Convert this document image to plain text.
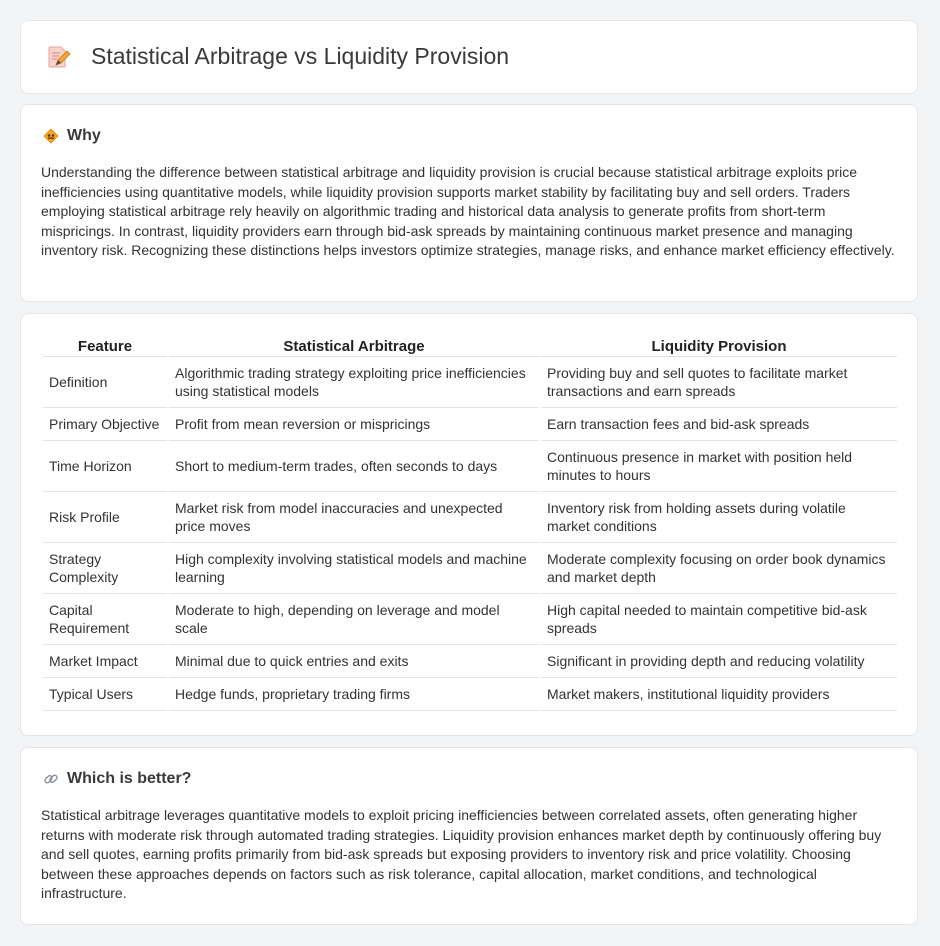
Statistical Arbitrage vs Liquidity Provision
Why

Understanding the difference between statistical arbitrage and liquidity provision is crucial because statistical arbitrage exploits price inefficiencies using quantitative models, while liquidity provision supports market stability by facilitating buy and sell orders. Traders employing statistical arbitrage rely heavily on algorithmic trading and historical data analysis to generate profits from short-term mispricings. In contrast, liquidity providers earn through bid-ask spreads by maintaining continuous market presence and managing inventory risk. Recognizing these distinctions helps investors optimize strategies, manage risks, and enhance market efficiency effectively.

Feature	Statistical Arbitrage	Liquidity Provision
Definition	Algorithmic trading strategy exploiting price inefficiencies using statistical models	Providing buy and sell quotes to facilitate market transactions and earn spreads
Primary Objective	Profit from mean reversion or mispricings	Earn transaction fees and bid-ask spreads
Time Horizon	Short to medium-term trades, often seconds to days	Continuous presence in market with position held minutes to hours
Risk Profile	Market risk from model inaccuracies and unexpected price moves	Inventory risk from holding assets during volatile market conditions
Strategy Complexity	High complexity involving statistical models and machine learning	Moderate complexity focusing on order book dynamics and market depth
Capital Requirement	Moderate to high, depending on leverage and model scale	High capital needed to maintain competitive bid-ask spreads
Market Impact	Minimal due to quick entries and exits	Significant in providing depth and reducing volatility
Typical Users	Hedge funds, proprietary trading firms	Market makers, institutional liquidity providers
Which is better?

Statistical arbitrage leverages quantitative models to exploit pricing inefficiencies between correlated assets, often generating higher returns with moderate risk through automated trading strategies. Liquidity provision enhances market depth by continuously offering buy and sell quotes, earning profits primarily from bid-ask spreads but exposing providers to inventory risk and price volatility. Choosing between these approaches depends on factors such as risk tolerance, capital allocation, market conditions, and technological infrastructure.
